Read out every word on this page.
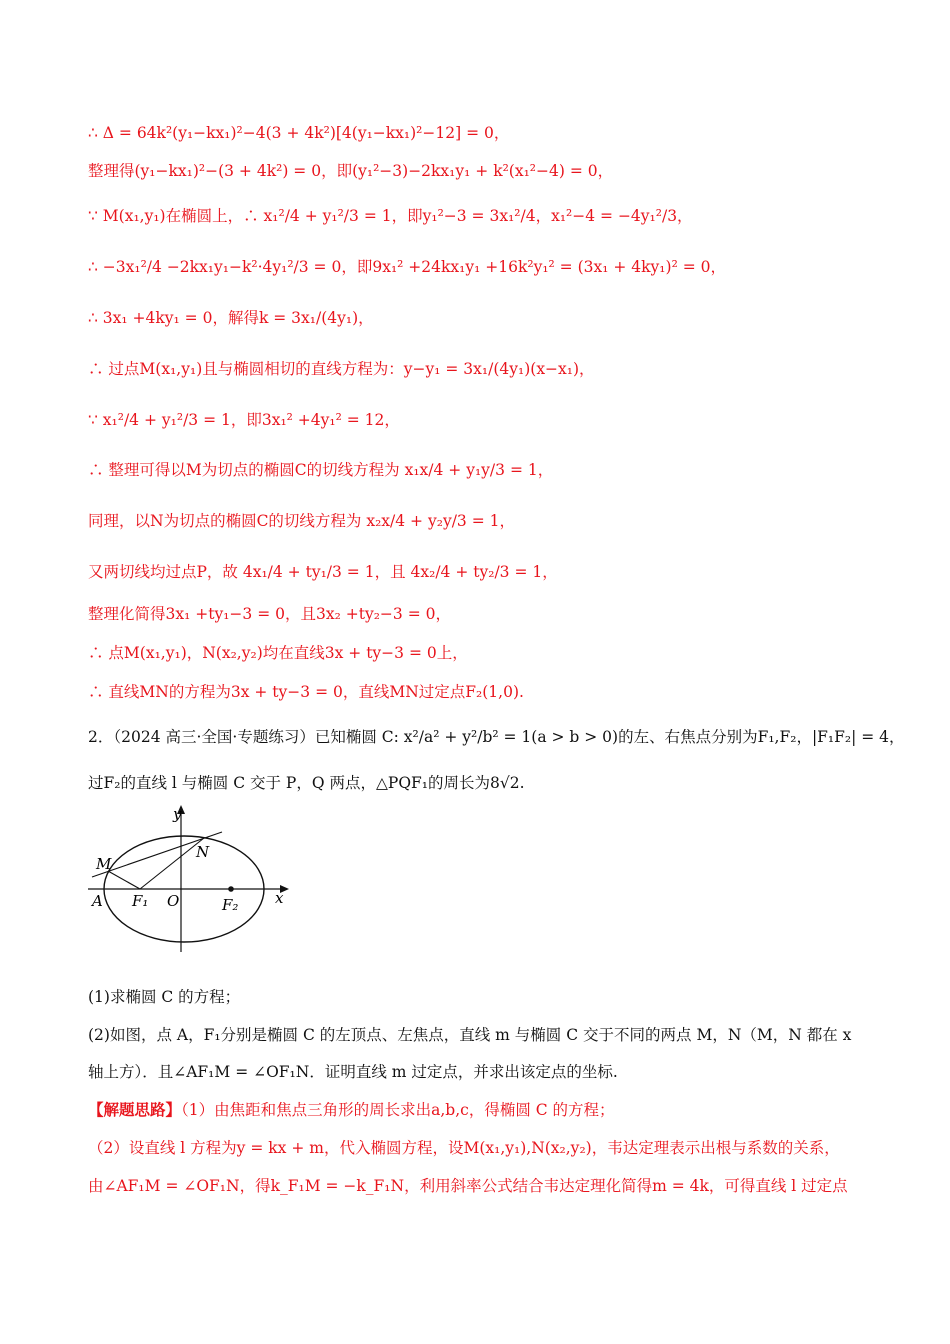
∴ Δ = 64k²(y₁−kx₁)²−4(3 + 4k²)[4(y₁−kx₁)²−12] = 0，
整理得(y₁−kx₁)²−(3 + 4k²) = 0，即(y₁²−3)−2kx₁y₁ + k²(x₁²−4) = 0，
∵ M(x₁,y₁)在椭圆上，∴ x₁²/4 + y₁²/3 = 1，即y₁²−3 = 3x₁²/4，x₁²−4 = −4y₁²/3，
∴ −3x₁²/4 −2kx₁y₁−k²·4y₁²/3 = 0，即9x₁² +24kx₁y₁ +16k²y₁² = (3x₁ + 4ky₁)² = 0，
∴ 3x₁ +4ky₁ = 0，解得k = 3x₁/(4y₁)，
∴ 过点M(x₁,y₁)且与椭圆相切的直线方程为：y−y₁ = 3x₁/(4y₁)(x−x₁)，
∵ x₁²/4 + y₁²/3 = 1，即3x₁² +4y₁² = 12，
∴ 整理可得以M为切点的椭圆C的切线方程为 x₁x/4 + y₁y/3 = 1，
同理，以N为切点的椭圆C的切线方程为 x₂x/4 + y₂y/3 = 1，
又两切线均过点P，故 4x₁/4 + ty₁/3 = 1，且 4x₂/4 + ty₂/3 = 1，
整理化简得3x₁ +ty₁−3 = 0，且3x₂ +ty₂−3 = 0，
∴ 点M(x₁,y₁)，N(x₂,y₂)均在直线3x + ty−3 = 0上，
∴ 直线MN的方程为3x + ty−3 = 0，直线MN过定点F₂(1,0).
2．（2024 高三·全国·专题练习）已知椭圆 C: x²/a² + y²/b² = 1(a > b > 0)的左、右焦点分别为F₁,F₂，|F₁F₂| = 4，
过F₂的直线 l 与椭圆 C 交于 P，Q 两点，△PQF₁的周长为8√2.
y
x
M
N
A F₁ O	F₂
(1)求椭圆 C 的方程；
(2)如图，点 A，F₁分别是椭圆 C 的左顶点、左焦点，直线 m 与椭圆 C 交于不同的两点 M，N（M，N 都在 x
轴上方）．且∠AF₁M = ∠OF₁N．证明直线 m 过定点，并求出该定点的坐标.
【解题思路】（1）由焦距和焦点三角形的周长求出a,b,c，得椭圆 C 的方程；
（2）设直线 l 方程为y = kx + m，代入椭圆方程，设M(x₁,y₁),N(x₂,y₂)，韦达定理表示出根与系数的关系，
由∠AF₁M = ∠OF₁N，得k_F₁M = −k_F₁N，利用斜率公式结合韦达定理化简得m = 4k，可得直线 l 过定点
